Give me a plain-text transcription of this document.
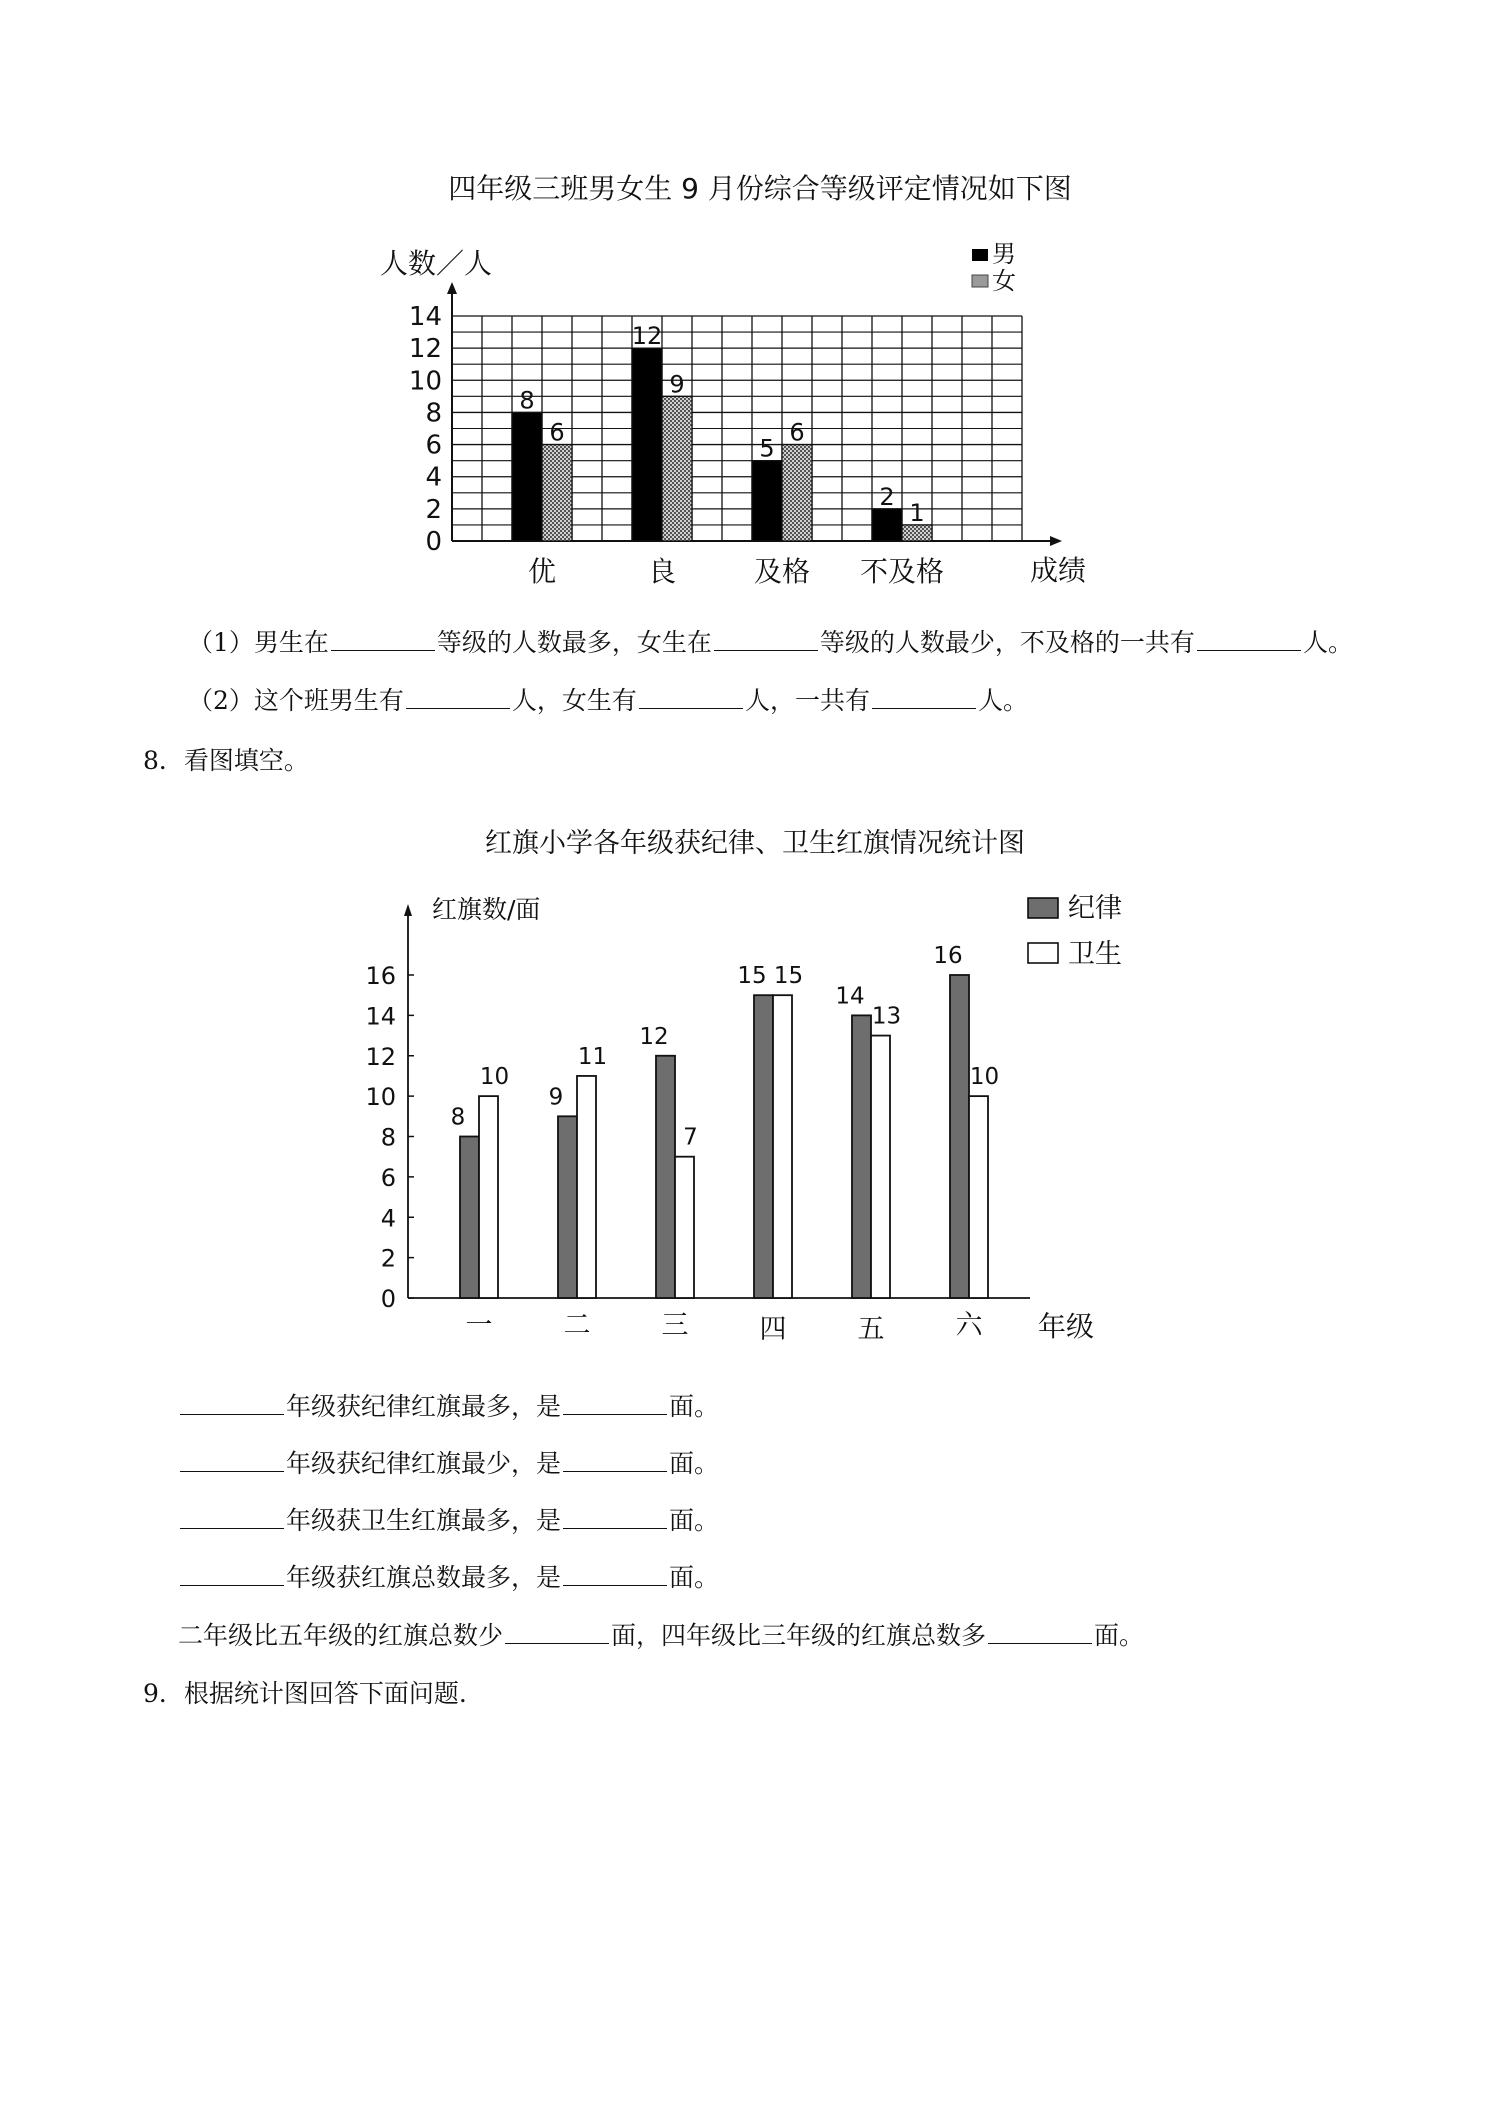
四年级三班男女生 9 月份综合等级评定情况如下图
人数／人
成绩
0
2
4
6
8
10
12
14
8
6
12
9
5
6
2
1
优	良	及格 不及格
男
女
（1）男生在	等级的人数最多，女生在	等级的人数最少，不及格的一共有	人。
（2）这个班男生有	人，女生有	人，一共有	人。
8．看图填空。
红旗小学各年级获纪律、卫生红旗情况统计图
红旗数/面
年级
0
2
4
6
8
10
12
14
16
8
10
9
11
12
7
15 15
14
13
16
10
一	二	三	四	五	六
纪律
卫生
年级获纪律红旗最多，是	面。
年级获纪律红旗最少，是	面。
年级获卫生红旗最多，是	面。
年级获红旗总数最多，是	面。
二年级比五年级的红旗总数少	面，四年级比三年级的红旗总数多	面。
9．根据统计图回答下面问题.
